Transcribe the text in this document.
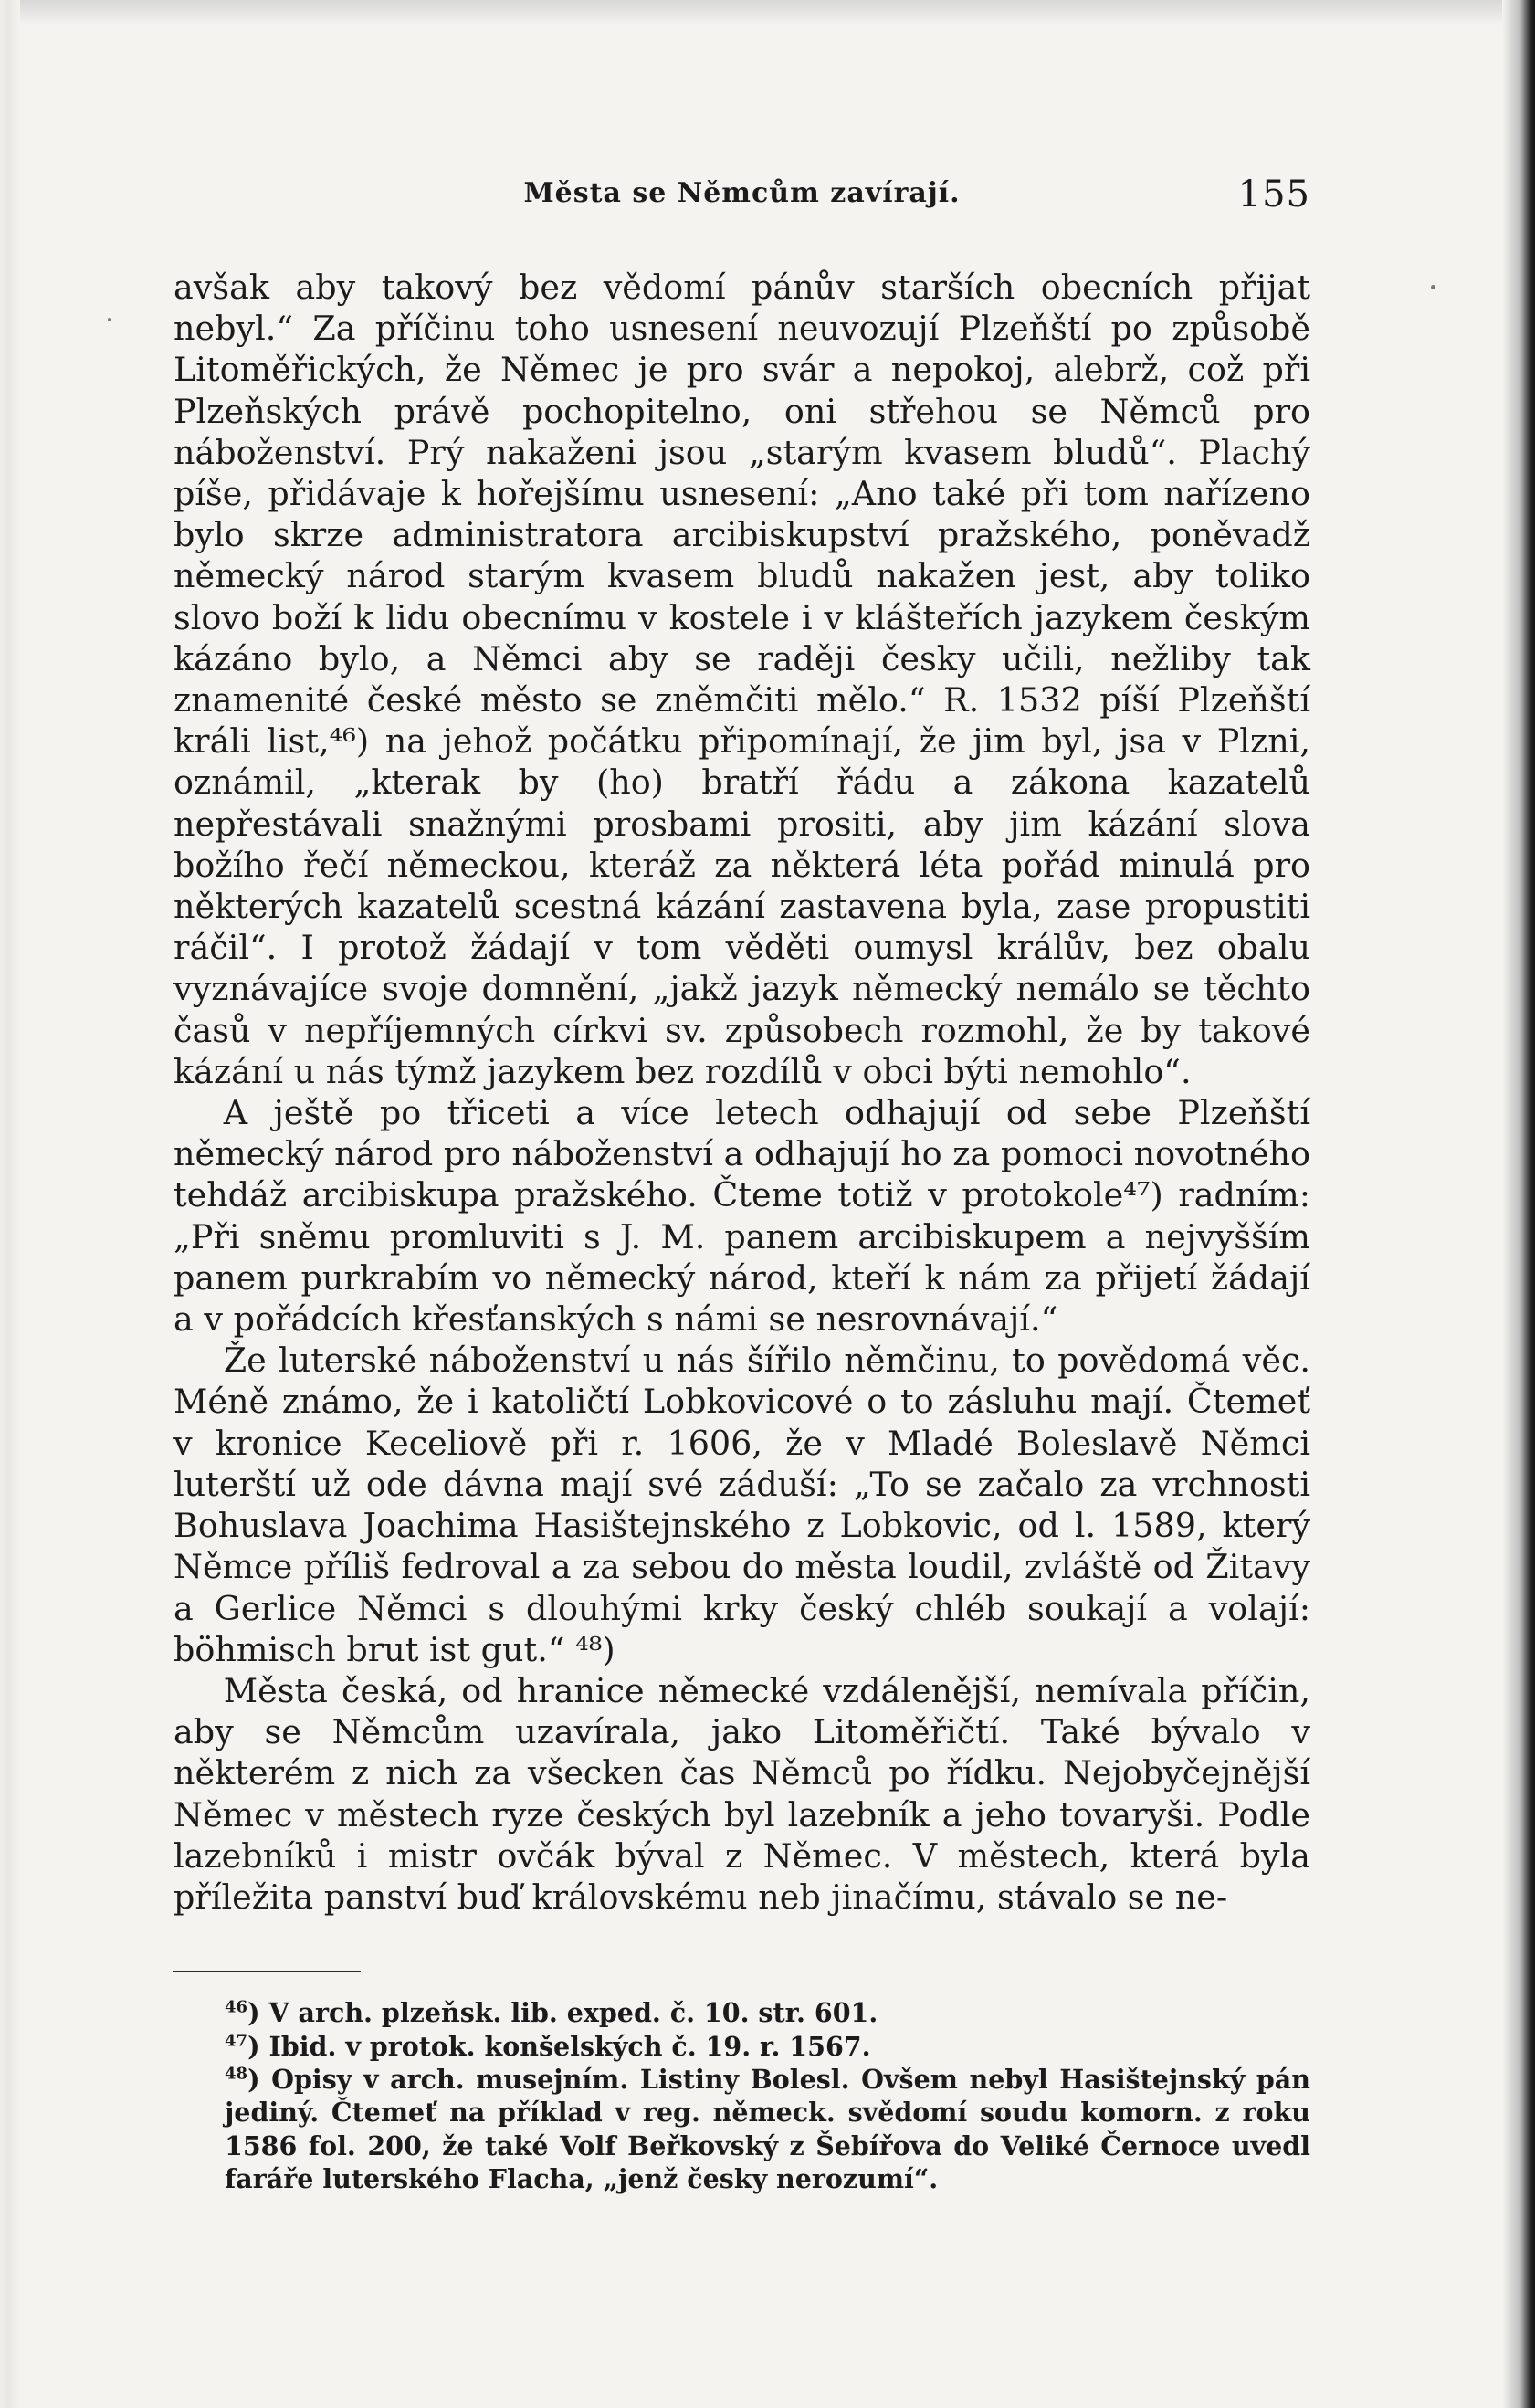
Města se Němcům zavírají.	155

avšak aby takový bez vědomí pánův starších obecních přijat nebyl.“ Za příčinu toho usnesení neuvozují Plzeňští po způsobě Litoměřických, že Němec je pro svár a nepokoj, alebrž, což při Plzeňských právě pochopitelno, oni střehou se Němců pro náboženství. Prý nakaženi jsou „starým kvasem bludů“. Plachý píše, přidávaje k hořejšímu usnesení: „Ano také při tom nařízeno bylo skrze administratora arcibiskupství pražského, poněvadž německý národ starým kvasem bludů nakažen jest, aby toliko slovo boží k lidu obecnímu v kostele i v klášteřích jazykem českým kázáno bylo, a Němci aby se raději česky učili, nežliby tak znamenité české město se zněmčiti mělo.“ R. 1532 píší Plzeňští králi list,⁴⁶) na jehož počátku připomínají, že jim byl, jsa v Plzni, oznámil, „kterak by (ho) bratří řádu a zákona kazatelů nepřestávali snažnými prosbami prositi, aby jim kázání slova božího řečí německou, kteráž za některá léta pořád minulá pro některých kazatelů scestná kázání zastavena byla, zase propustiti ráčil“. I protož žádají v tom věděti oumysl králův, bez obalu vyznávajíce svoje domnění, „jakž jazyk německý nemálo se těchto časů v nepříjemných církvi sv. způsobech rozmohl, že by takové kázání u nás týmž jazykem bez rozdílů v obci býti nemohlo“.

A ještě po třiceti a více letech odhajují od sebe Plzeňští německý národ pro náboženství a odhajují ho za pomoci novotného tehdáž arcibiskupa pražského. Čteme totiž v protokole⁴⁷) radním: „Při sněmu promluviti s J. M. panem arcibiskupem a nejvyšším panem purkrabím vo německý národ, kteří k nám za přijetí žádají a v pořádcích křesťanských s námi se nesrovnávají.“

Že luterské náboženství u nás šířilo němčinu, to povědomá věc. Méně známo, že i katoličtí Lobkovicové o to zásluhu mají. Čtemeť v kronice Keceliově při r. 1606, že v Mladé Boleslavě Němci luterští už ode dávna mají své záduší: „To se začalo za vrchnosti Bohuslava Joachima Hasištejnského z Lobkovic, od l. 1589, který Němce příliš fedroval a za sebou do města loudil, zvláště od Žitavy a Gerlice Němci s dlouhými krky český chléb soukají a volají: böhmisch brut ist gut.“ ⁴⁸)

Města česká, od hranice německé vzdálenější, nemívala příčin, aby se Němcům uzavírala, jako Litoměřičtí. Také bývalo v některém z nich za všecken čas Němců po řídku. Nejobyčejnější Němec v městech ryze českých byl lazebník a jeho tovaryši. Podle lazebníků i mistr ovčák býval z Němec. V městech, která byla příležita panství buď královskému neb jinačímu, stávalo se ne-

$^{46}$) V arch. plzeňsk. lib. exped. č. 10. str. 601.

$^{47}$) Ibid. v protok. konšelských č. 19. r. 1567.

$^{48}$) Opisy v arch. musejním. Listiny Bolesl. Ovšem nebyl Hasištejnský pán jediný. Čtemeť na příklad v reg. německ. svědomí soudu komorn. z roku 1586 fol. 200, že také Volf Beřkovský z Šebířova do Veliké Černoce uvedl faráře luterského Flacha, „jenž česky nerozumí“.
